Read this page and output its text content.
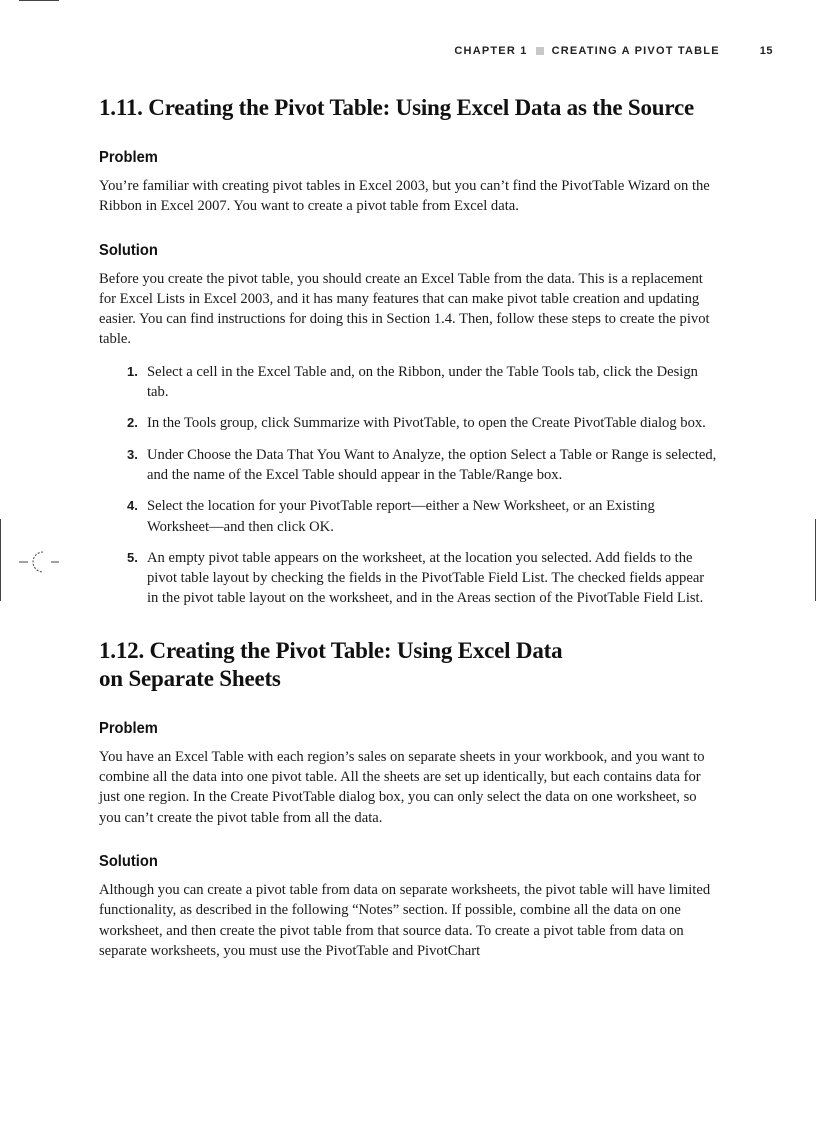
CHAPTER 1 CREATING A PIVOT TABLE	15
1.11. Creating the Pivot Table: Using Excel Data as the Source
Problem

You’re familiar with creating pivot tables in Excel 2003, but you can’t find the PivotTable Wizard on the Ribbon in Excel 2007. You want to create a pivot table from Excel data.

Solution

Before you create the pivot table, you should create an Excel Table from the data. This is a replacement for Excel Lists in Excel 2003, and it has many features that can make pivot table creation and updating easier. You can find instructions for doing this in Section 1.4. Then, follow these steps to create the pivot table.

1. Select a cell in the Excel Table and, on the Ribbon, under the Table Tools tab, click the Design tab.
2. In the Tools group, click Summarize with PivotTable, to open the Create PivotTable dialog box.
3. Under Choose the Data That You Want to Analyze, the option Select a Table or Range is selected, and the name of the Excel Table should appear in the Table/Range box.
4. Select the location for your PivotTable report—either a New Worksheet, or an Existing Worksheet—and then click OK.
5. An empty pivot table appears on the worksheet, at the location you selected. Add fields to the pivot table layout by checking the fields in the PivotTable Field List. The checked fields appear in the pivot table layout on the worksheet, and in the Areas section of the PivotTable Field List.
1.12. Creating the Pivot Table: Using Excel Data on Separate Sheets
Problem

You have an Excel Table with each region’s sales on separate sheets in your workbook, and you want to combine all the data into one pivot table. All the sheets are set up identically, but each contains data for just one region. In the Create PivotTable dialog box, you can only select the data on one worksheet, so you can’t create the pivot table from all the data.

Solution

Although you can create a pivot table from data on separate worksheets, the pivot table will have limited functionality, as described in the following “Notes” section. If possible, combine all the data on one worksheet, and then create the pivot table from that source data. To create a pivot table from data on separate worksheets, you must use the PivotTable and PivotChart
